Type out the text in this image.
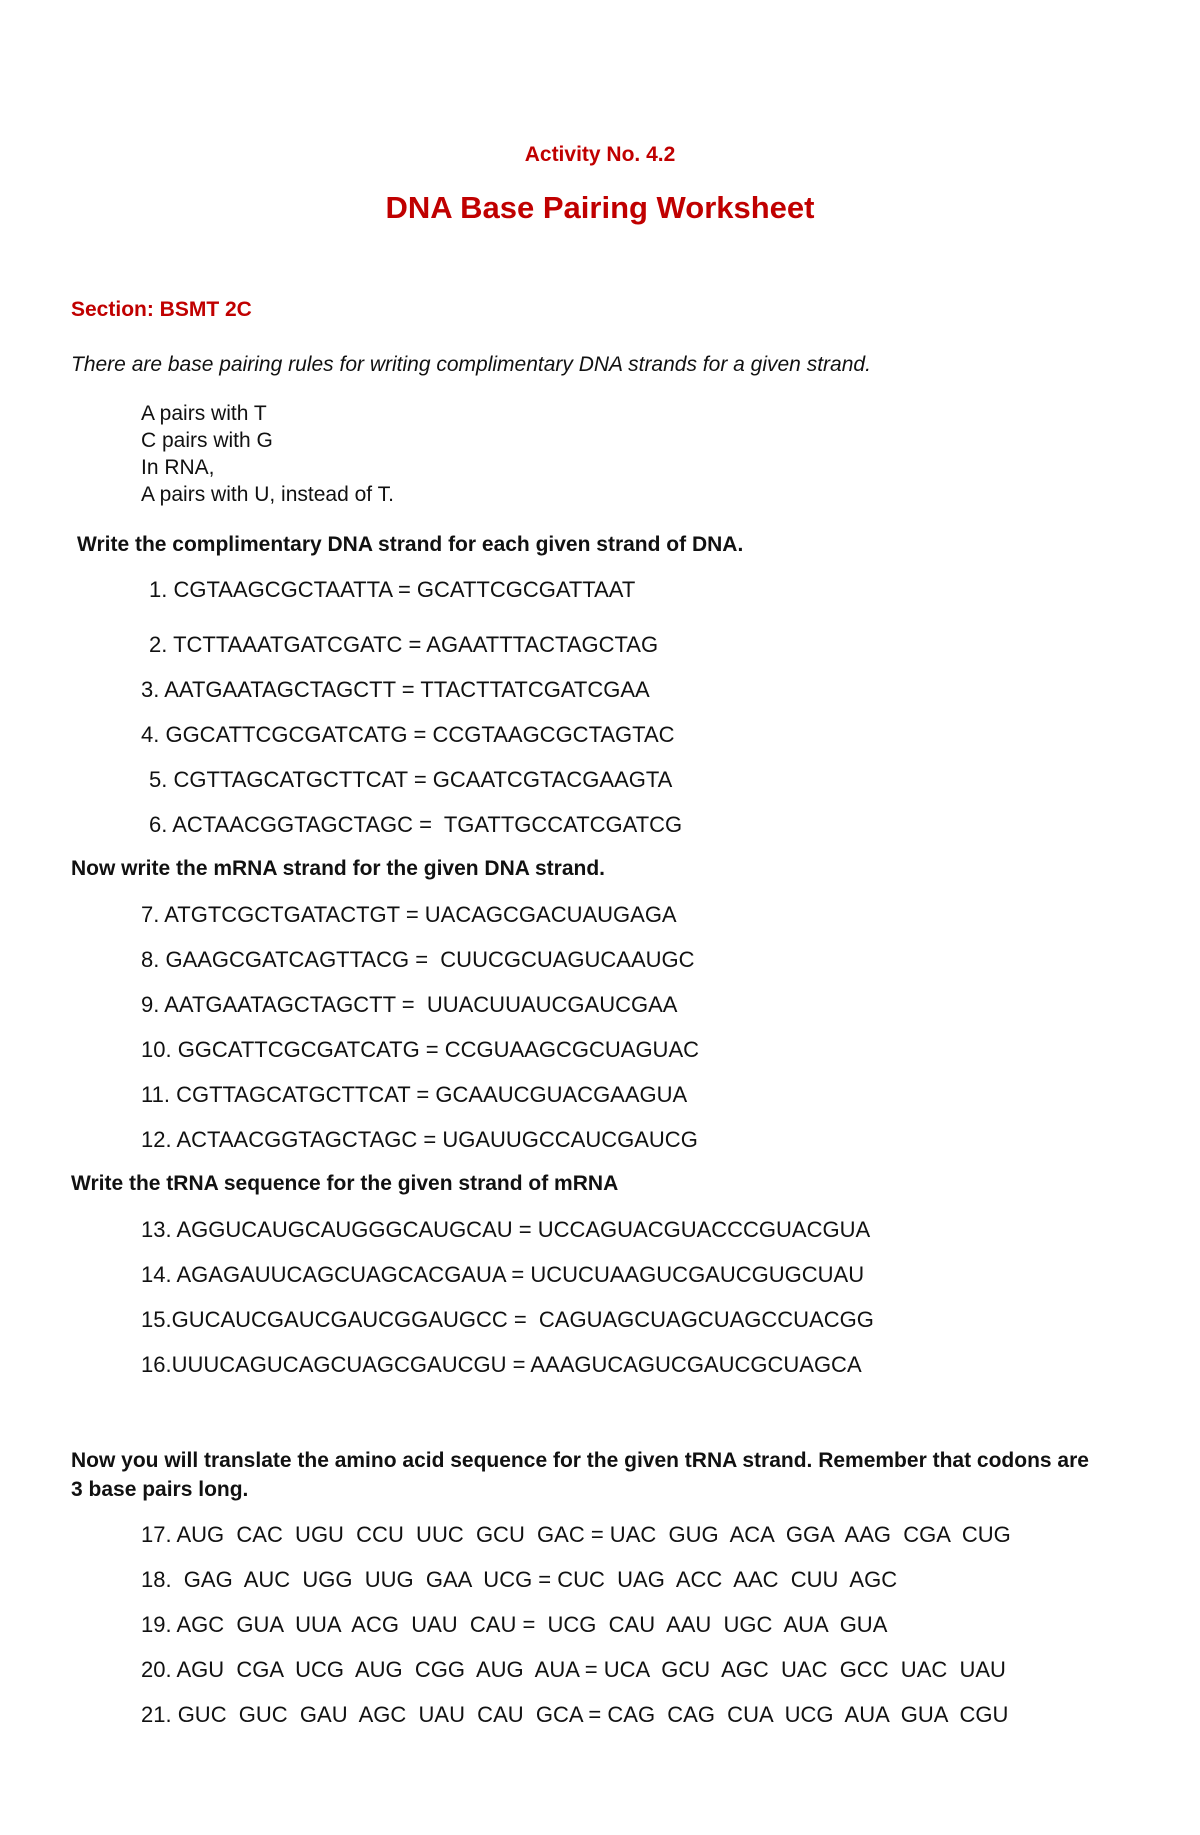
Activity No. 4.2
DNA Base Pairing Worksheet
Section: BSMT 2C
There are base pairing rules for writing complimentary DNA strands for a given strand.
A pairs with T
C pairs with G
In RNA,
A pairs with U, instead of T.
Write the complimentary DNA strand for each given strand of DNA.
1. CGTAAGCGCTAATTA = GCATTCGCGATTAAT
2. TCTTAAATGATCGATC = AGAATTTACTAGCTAG
3. AATGAATAGCTAGCTT = TTACTTATCGATCGAA
4. GGCATTCGCGATCATG = CCGTAAGCGCTAGTAC
5. CGTTAGCATGCTTCAT = GCAATCGTACGAAGTA
6. ACTAACGGTAGCTAGC =  TGATTGCCATCGATCG
Now write the mRNA strand for the given DNA strand.
7. ATGTCGCTGATACTGT = UACAGCGACUAUGAGA
8. GAAGCGATCAGTTACG =  CUUCGCUAGUCAAUGC
9. AATGAATAGCTAGCTT =  UUACUUAUCGAUCGAA
10. GGCATTCGCGATCATG = CCGUAAGCGCUAGUAC
11. CGTTAGCATGCTTCAT = GCAAUCGUACGAAGUA
12. ACTAACGGTAGCTAGC = UGAUUGCCAUCGAUCG
Write the tRNA sequence for the given strand of mRNA
13. AGGUCAUGCAUGGGCAUGCAU = UCCAGUACGUACCCGUACGUA
14. AGAGAUUCAGCUAGCACGAUA = UCUCUAAGUCGAUCGUGCUAU
15.GUCAUCGAUCGAUCGGAUGCC =  CAGUAGCUAGCUAGCCUACGG
16.UUUCAGUCAGCUAGCGAUCGU = AAAGUCAGUCGAUCGCUAGCA
Now you will translate the amino acid sequence for the given tRNA strand. Remember that codons are 3 base pairs long.
17. AUG  CAC  UGU  CCU  UUC  GCU  GAC = UAC  GUG  ACA  GGA  AAG  CGA  CUG
18.  GAG  AUC  UGG  UUG  GAA  UCG = CUC  UAG  ACC  AAC  CUU  AGC
19. AGC  GUA  UUA  ACG  UAU  CAU =  UCG  CAU  AAU  UGC  AUA  GUA
20. AGU  CGA  UCG  AUG  CGG  AUG  AUA = UCA  GCU  AGC  UAC  GCC  UAC  UAU
21. GUC  GUC  GAU  AGC  UAU  CAU  GCA = CAG  CAG  CUA  UCG  AUA  GUA  CGU
